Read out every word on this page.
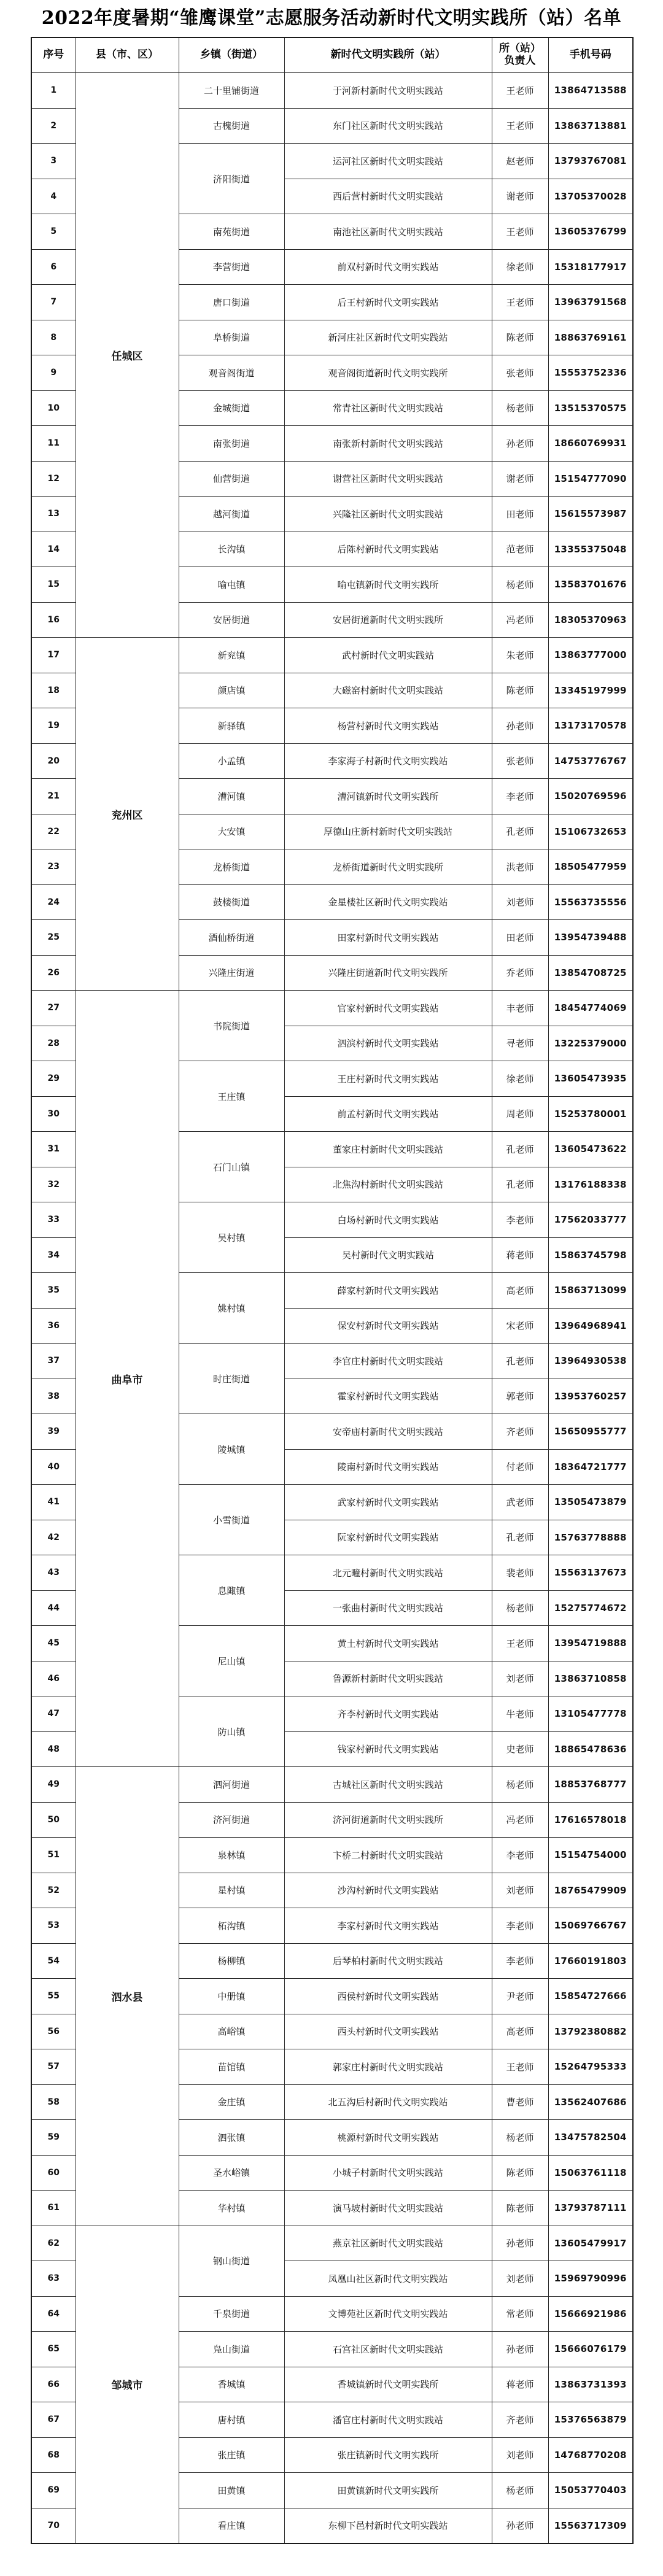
2022年度暑期“雏鹰课堂”志愿服务活动新时代文明实践所（站）名单
序号	县（市、区）	乡镇（街道）	新时代文明实践所（站）	所（站）负责人	手机号码
1	任城区	二十里铺街道	于河新村新时代文明实践站	王老师	13864713588
2		古槐街道	东门社区新时代文明实践站	王老师	13863713881
3		济阳街道	运河社区新时代文明实践站	赵老师	13793767081
4			西后营村新时代文明实践站	谢老师	13705370028
5		南苑街道	南池社区新时代文明实践站	王老师	13605376799
6		李营街道	前双村新时代文明实践站	徐老师	15318177917
7		唐口街道	后王村新时代文明实践站	王老师	13963791568
8		阜桥街道	新河庄社区新时代文明实践站	陈老师	18863769161
9		观音阁街道	观音阁街道新时代文明实践所	张老师	15553752336
10		金城街道	常青社区新时代文明实践站	杨老师	13515370575
11		南张街道	南张新村新时代文明实践站	孙老师	18660769931
12		仙营街道	谢营社区新时代文明实践站	谢老师	15154777090
13		越河街道	兴隆社区新时代文明实践站	田老师	15615573987
14		长沟镇	后陈村新时代文明实践站	范老师	13355375048
15		喻屯镇	喻屯镇新时代文明实践所	杨老师	13583701676
16		安居街道	安居街道新时代文明实践所	冯老师	18305370963
17	兖州区	新兖镇	武村新时代文明实践站	朱老师	13863777000
18		颜店镇	大磁窑村新时代文明实践站	陈老师	13345197999
19		新驿镇	杨营村新时代文明实践站	孙老师	13173170578
20		小孟镇	李家海子村新时代文明实践站	张老师	14753776767
21		漕河镇	漕河镇新时代文明实践所	李老师	15020769596
22		大安镇	厚德山庄新村新时代文明实践站	孔老师	15106732653
23		龙桥街道	龙桥街道新时代文明实践所	洪老师	18505477959
24		鼓楼街道	金星楼社区新时代文明实践站	刘老师	15563735556
25		酒仙桥街道	田家村新时代文明实践站	田老师	13954739488
26		兴隆庄街道	兴隆庄街道新时代文明实践所	乔老师	13854708725
27	曲阜市	书院街道	官家村新时代文明实践站	丰老师	18454774069
28			泗滨村新时代文明实践站	寻老师	13225379000
29		王庄镇	王庄村新时代文明实践站	徐老师	13605473935
30			前孟村新时代文明实践站	周老师	15253780001
31		石门山镇	董家庄村新时代文明实践站	孔老师	13605473622
32			北焦沟村新时代文明实践站	孔老师	13176188338
33		吴村镇	白场村新时代文明实践站	李老师	17562033777
34			吴村新时代文明实践站	蒋老师	15863745798
35		姚村镇	薛家村新时代文明实践站	高老师	15863713099
36			保安村新时代文明实践站	宋老师	13964968941
37		时庄街道	李官庄村新时代文明实践站	孔老师	13964930538
38			霍家村新时代文明实践站	郭老师	13953760257
39		陵城镇	安帝庙村新时代文明实践站	齐老师	15650955777
40			陵南村新时代文明实践站	付老师	18364721777
41		小雪街道	武家村新时代文明实践站	武老师	13505473879
42			阮家村新时代文明实践站	孔老师	15763778888
43		息陬镇	北元疃村新时代文明实践站	裴老师	15563137673
44			一张曲村新时代文明实践站	杨老师	15275774672
45		尼山镇	黄土村新时代文明实践站	王老师	13954719888
46			鲁源新村新时代文明实践站	刘老师	13863710858
47		防山镇	齐李村新时代文明实践站	牛老师	13105477778
48			钱家村新时代文明实践站	史老师	18865478636
49	泗水县	泗河街道	古城社区新时代文明实践站	杨老师	18853768777
50		济河街道	济河街道新时代文明实践所	冯老师	17616578018
51		泉林镇	卞桥二村新时代文明实践站	李老师	15154754000
52		星村镇	沙沟村新时代文明实践站	刘老师	18765479909
53		柘沟镇	李家村新时代文明实践站	李老师	15069766767
54		杨柳镇	后琴柏村新时代文明实践站	李老师	17660191803
55		中册镇	西侯村新时代文明实践站	尹老师	15854727666
56		高峪镇	西头村新时代文明实践站	高老师	13792380882
57		苗馆镇	郭家庄村新时代文明实践站	王老师	15264795333
58		金庄镇	北五沟后村新时代文明实践站	曹老师	13562407686
59		泗张镇	桃源村新时代文明实践站	杨老师	13475782504
60		圣水峪镇	小城子村新时代文明实践站	陈老师	15063761118
61		华村镇	演马坡村新时代文明实践站	陈老师	13793787111
62	邹城市	钢山街道	燕京社区新时代文明实践站	孙老师	13605479917
63			凤凰山社区新时代文明实践站	刘老师	15969790996
64		千泉街道	文博苑社区新时代文明实践站	常老师	15666921986
65		凫山街道	石宫社区新时代文明实践站	孙老师	15666076179
66		香城镇	香城镇新时代文明实践所	蒋老师	13863731393
67		唐村镇	潘官庄村新时代文明实践站	齐老师	15376563879
68		张庄镇	张庄镇新时代文明实践所	刘老师	14768770208
69		田黄镇	田黄镇新时代文明实践所	杨老师	15053770403
70		看庄镇	东柳下邑村新时代文明实践站	孙老师	15563717309
